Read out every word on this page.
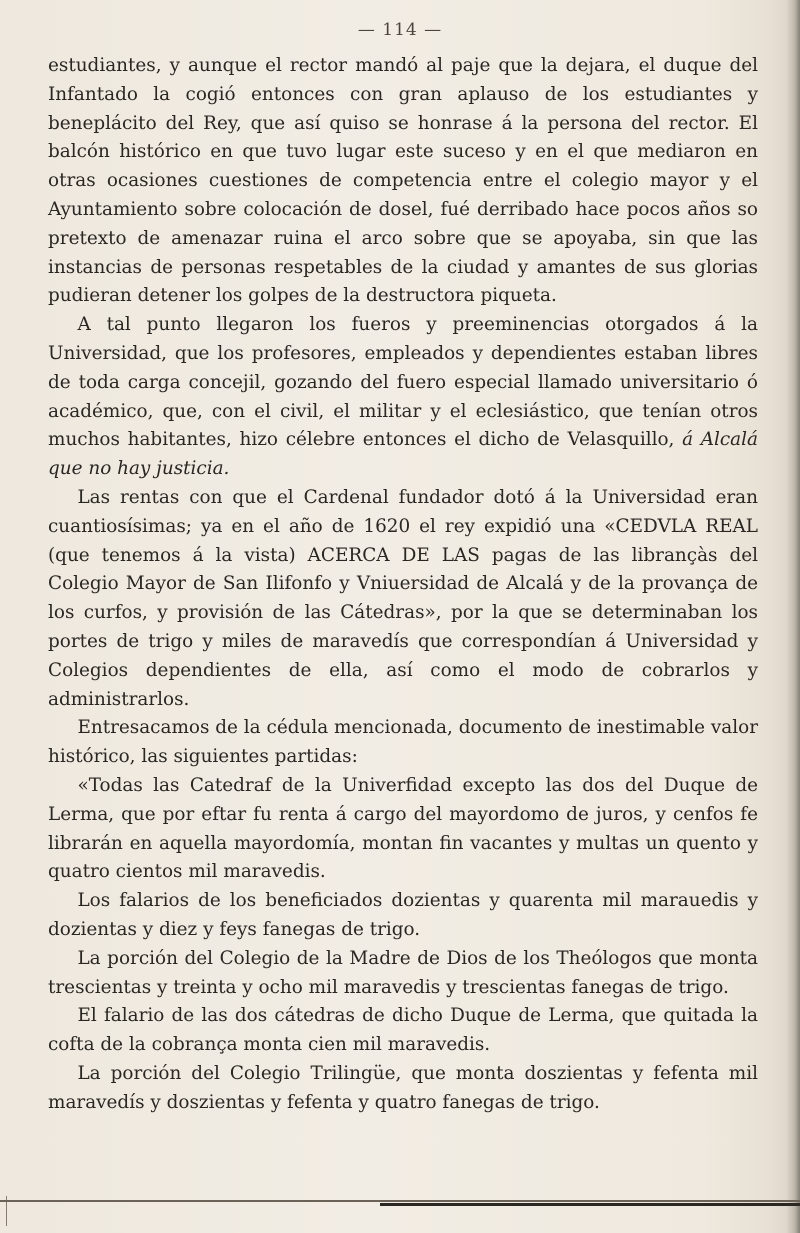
— 114 —

estudiantes, y aunque el rector mandó al paje que la dejara, el duque del Infantado la cogió entonces con gran aplauso de los estudiantes y beneplácito del Rey, que así quiso se honrase á la persona del rector. El balcón histórico en que tuvo lugar este suceso y en el que mediaron en otras ocasiones cuestiones de competencia entre el colegio mayor y el Ayuntamiento sobre colocación de dosel, fué derribado hace pocos años so pretexto de amenazar ruina el arco sobre que se apoyaba, sin que las instancias de personas respetables de la ciudad y amantes de sus glorias pudieran detener los golpes de la destructora piqueta.

A tal punto llegaron los fueros y preeminencias otorgados á la Universidad, que los profesores, empleados y dependientes estaban libres de toda carga concejil, gozando del fuero especial llamado universitario ó académico, que, con el civil, el militar y el eclesiástico, que tenían otros muchos habitantes, hizo célebre entonces el dicho de Velasquillo, á Alcalá que no hay justicia.

Las rentas con que el Cardenal fundador dotó á la Universidad eran cuantiosísimas; ya en el año de 1620 el rey expidió una «CEDVLA REAL (que tenemos á la vista) ACERCA DE LAS pagas de las librançàs del Colegio Mayor de San Ilifonfo y Vniuersidad de Alcalá y de la provança de los curfos, y provisión de las Cátedras», por la que se determinaban los portes de trigo y miles de maravedís que correspondían á Universidad y Colegios dependientes de ella, así como el modo de cobrarlos y administrarlos.

Entresacamos de la cédula mencionada, documento de inestimable valor histórico, las siguientes partidas:

«Todas las Catedraf de la Univerfidad excepto las dos del Duque de Lerma, que por eftar fu renta á cargo del mayordomo de juros, y cenfos fe librarán en aquella mayordomía, montan fin vacantes y multas un quento y quatro cientos mil maravedis.

Los falarios de los beneficiados dozientas y quarenta mil marauedis y dozientas y diez y feys fanegas de trigo.

La porción del Colegio de la Madre de Dios de los Theólogos que monta trescientas y treinta y ocho mil maravedis y trescientas fanegas de trigo.

El falario de las dos cátedras de dicho Duque de Lerma, que quitada la cofta de la cobrança monta cien mil maravedis.

La porción del Colegio Trilingüe, que monta doszientas y fefenta mil maravedís y doszientas y fefenta y quatro fanegas de trigo.
